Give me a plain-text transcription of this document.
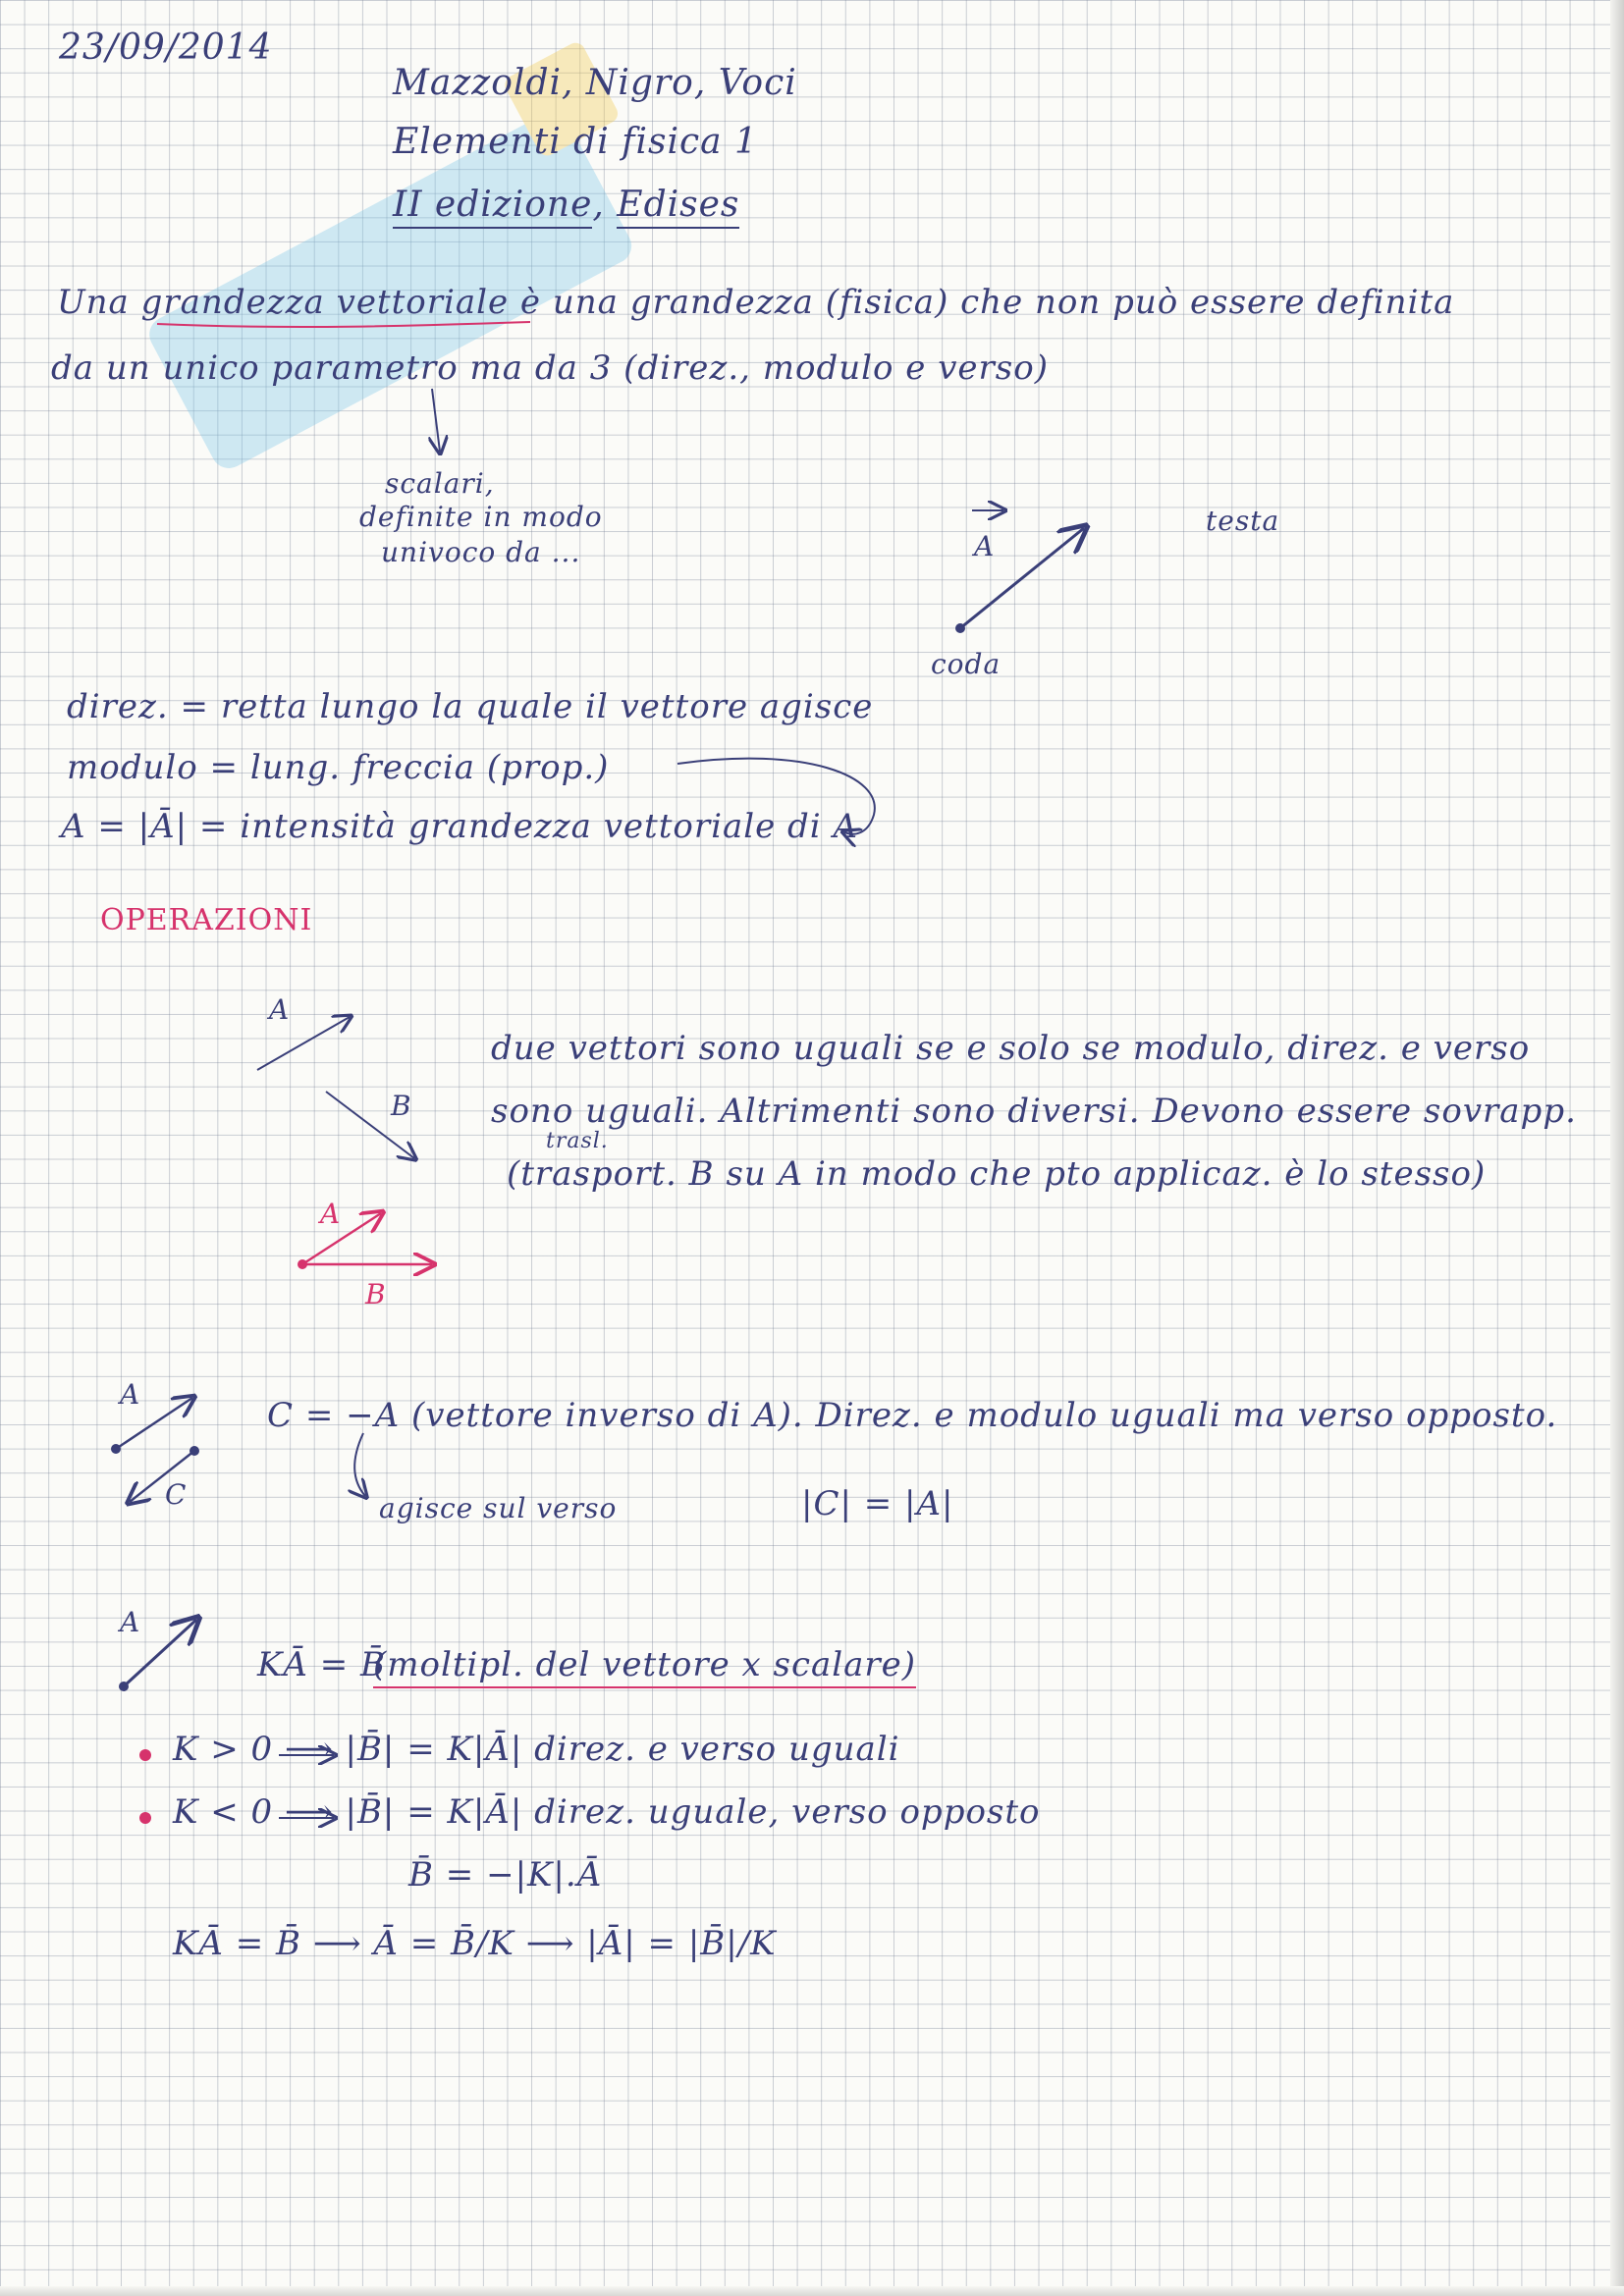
23/09/2014
Mazzoldi, Nigro, Voci
Elementi di fisica 1
II edizione, Edises
Una grandezza vettoriale è una grandezza (fisica) che non può essere definita
da un unico parametro ma da 3 (direz., modulo e verso)
scalari,
definite in modo
univoco da ...	A
testa
coda
direz. = retta lungo la quale il vettore agisce
modulo = lung. freccia (prop.)
A = |Ā| = intensità grandezza vettoriale di A
OPERAZIONI
A
B
A
B
due vettori sono uguali se e solo se modulo, direz. e verso
sono uguali. Altrimenti sono diversi. Devono essere sovrapp.
trasl.
(trasport. B su A in modo che pto applicaz. è lo stesso)
A
C
C = −A (vettore inverso di A). Direz. e modulo uguali ma verso opposto.
agisce sul verso	|C| = |A|
A
KĀ = B̄
(moltipl. del vettore x scalare)
K > 0 ⟶ |B̄| = K|Ā| direz. e verso uguali
K < 0 ⟶ |B̄| = K|Ā| direz. uguale, verso opposto
B̄ = −|K|.Ā
KĀ = B̄ ⟶ Ā = B̄/K ⟶ |Ā| = |B̄|/K
